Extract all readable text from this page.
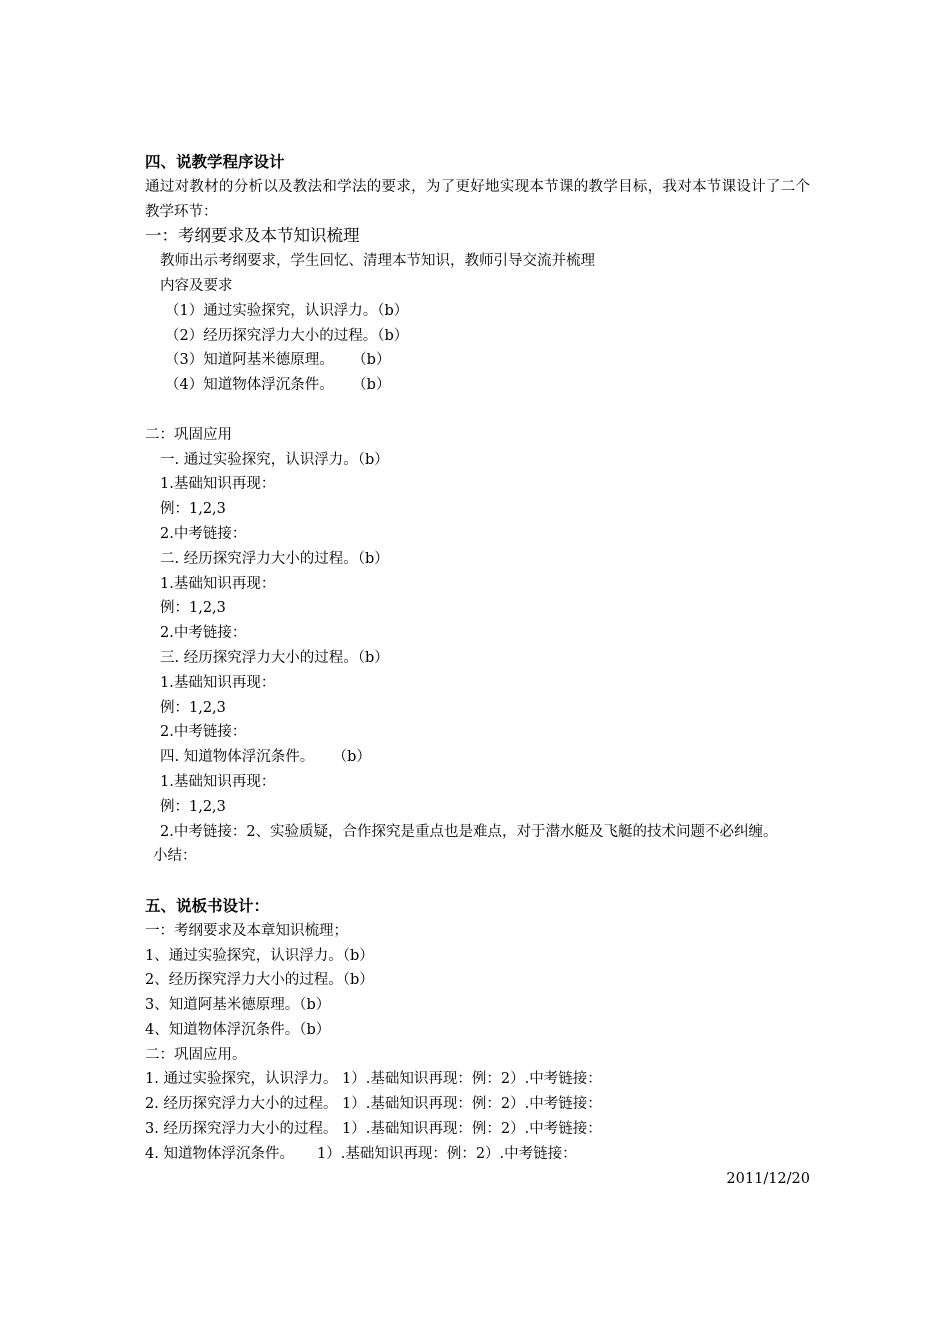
四、说教学程序设计
通过对教材的分析以及教法和学法的要求，为了更好地实现本节课的教学目标，我对本节课设计了二个教学环节：
一：考纲要求及本节知识梳理
教师出示考纲要求，学生回忆、清理本节知识，教师引导交流并梳理
内容及要求
（1）通过实验探究，认识浮力。（b）
（2）经历探究浮力大小的过程。（b）
（3）知道阿基米德原理。    （b）
（4）知道物体浮沉条件。    （b）
二：巩固应用
一. 通过实验探究，认识浮力。（b）
1.基础知识再现：
例：1,2,3
2.中考链接：
二. 经历探究浮力大小的过程。（b）
1.基础知识再现：
例：1,2,3
2.中考链接：
三. 经历探究浮力大小的过程。（b）
1.基础知识再现：
例：1,2,3
2.中考链接：
四. 知道物体浮沉条件。    （b）
1.基础知识再现：
例：1,2,3
2.中考链接：2、实验质疑，合作探究是重点也是难点，对于潜水艇及飞艇的技术问题不必纠缠。
小结：
五、说板书设计：
一：考纲要求及本章知识梳理；
1、通过实验探究，认识浮力。（b）
2、经历探究浮力大小的过程。（b）
3、知道阿基米德原理。（b）
4、知道物体浮沉条件。（b）
二：巩固应用。
1. 通过实验探究，认识浮力。 1）.基础知识再现：例：2）.中考链接：
2. 经历探究浮力大小的过程。 1）.基础知识再现：例：2）.中考链接：
3. 经历探究浮力大小的过程。 1）.基础知识再现：例：2）.中考链接：
4. 知道物体浮沉条件。     1）.基础知识再现：例：2）.中考链接：
2011/12/20
